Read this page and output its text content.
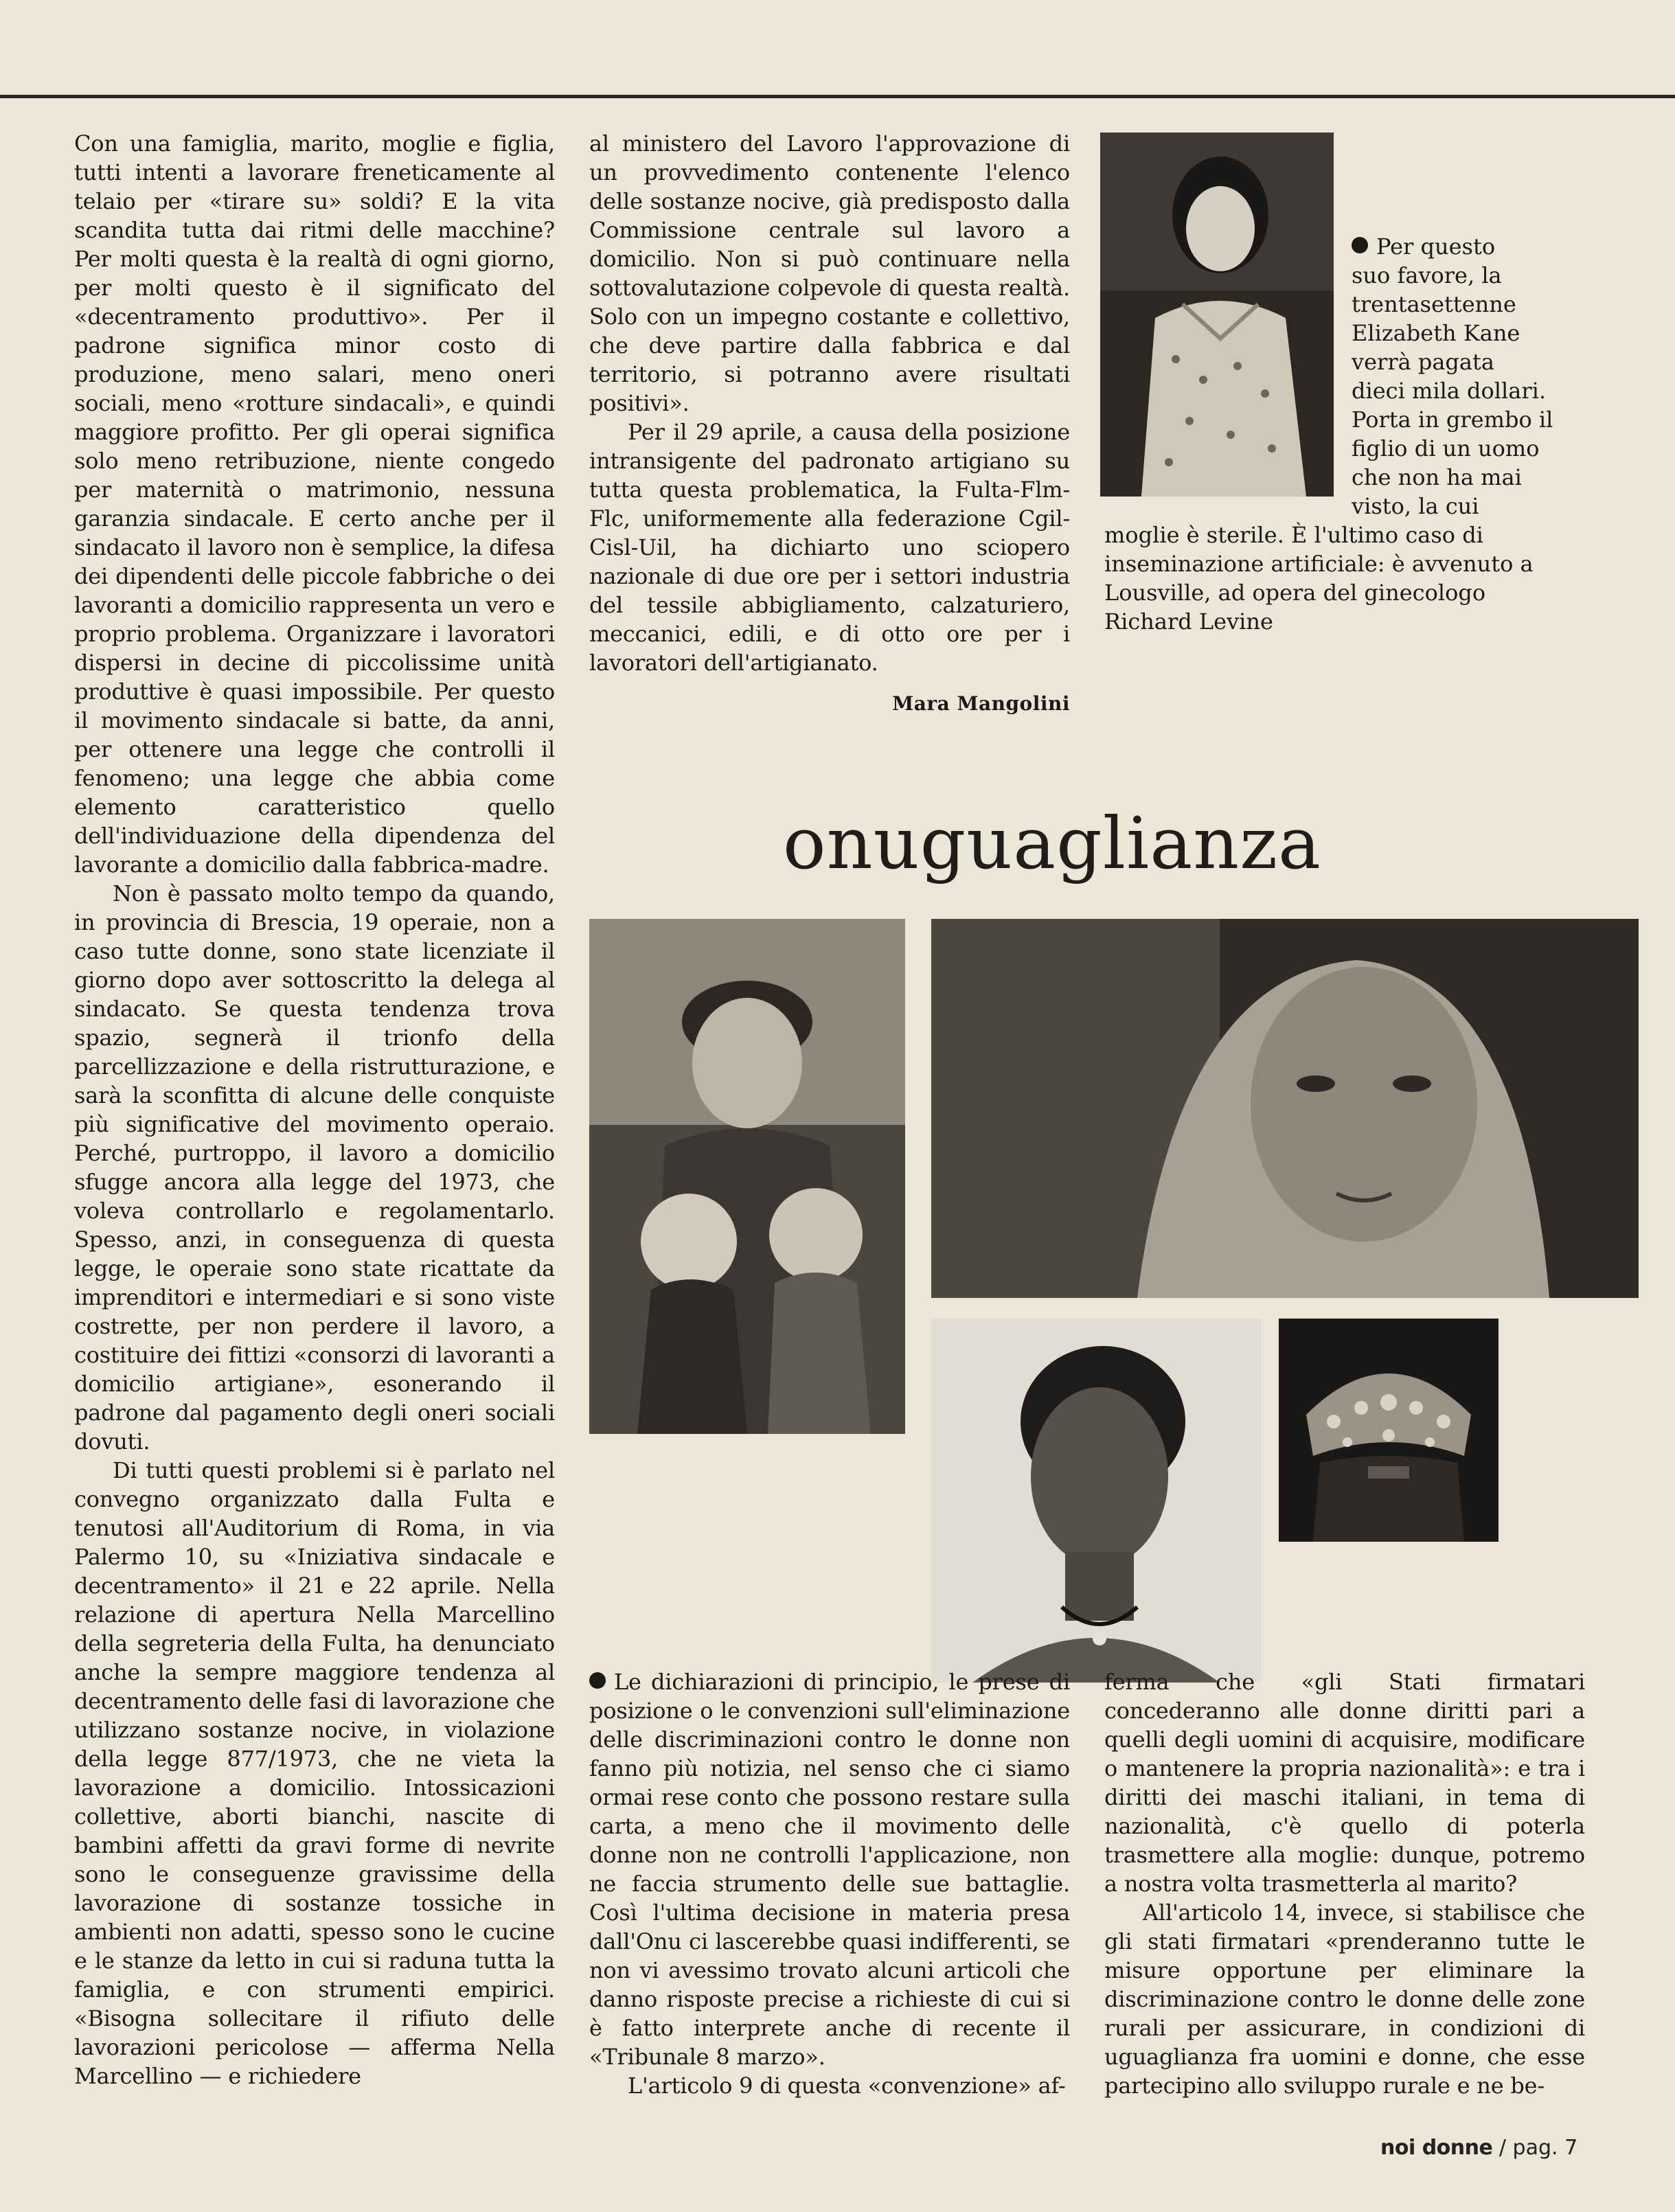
Con una famiglia, marito, moglie e figlia, tutti intenti a lavorare freneticamente al telaio per «tirare su» soldi? E la vita scandita tutta dai ritmi delle macchine? Per molti questa è la realtà di ogni giorno, per molti questo è il significato del «decentramento produttivo». Per il padrone significa minor costo di produzione, meno salari, meno oneri sociali, meno «rotture sindacali», e quindi maggiore profitto. Per gli operai significa solo meno retribuzione, niente congedo per maternità o matrimonio, nessuna garanzia sindacale. E certo anche per il sindacato il lavoro non è semplice, la difesa dei dipendenti delle piccole fabbriche o dei lavoranti a domicilio rappresenta un vero e proprio problema. Organizzare i lavoratori dispersi in decine di piccolissime unità produttive è quasi impossibile. Per questo il movimento sindacale si batte, da anni, per ottenere una legge che controlli il fenomeno; una legge che abbia come elemento caratteristico quello dell'individuazione della dipendenza del lavorante a domicilio dalla fabbrica-madre.

Non è passato molto tempo da quando, in provincia di Brescia, 19 operaie, non a caso tutte donne, sono state licenziate il giorno dopo aver sottoscritto la delega al sindacato. Se questa tendenza trova spazio, segnerà il trionfo della parcellizzazione e della ristrutturazione, e sarà la sconfitta di alcune delle conquiste più significative del movimento operaio. Perché, purtroppo, il lavoro a domicilio sfugge ancora alla legge del 1973, che voleva controllarlo e regolamentarlo. Spesso, anzi, in conseguenza di questa legge, le operaie sono state ricattate da imprenditori e intermediari e si sono viste costrette, per non perdere il lavoro, a costituire dei fittizi «consorzi di lavoranti a domicilio artigiane», esonerando il padrone dal pagamento degli oneri sociali dovuti.

Di tutti questi problemi si è parlato nel convegno organizzato dalla Fulta e tenutosi all'Auditorium di Roma, in via Palermo 10, su «Iniziativa sindacale e decentramento» il 21 e 22 aprile. Nella relazione di apertura Nella Marcellino della segreteria della Fulta, ha denunciato anche la sempre maggiore tendenza al decentramento delle fasi di lavorazione che utilizzano sostanze nocive, in violazione della legge 877/1973, che ne vieta la lavorazione a domicilio. Intossicazioni collettive, aborti bianchi, nascite di bambini affetti da gravi forme di nevrite sono le conseguenze gravissime della lavorazione di sostanze tossiche in ambienti non adatti, spesso sono le cucine e le stanze da letto in cui si raduna tutta la famiglia, e con strumenti empirici. «Bisogna sollecitare il rifiuto delle lavorazioni pericolose — afferma Nella Marcellino — e richiedere

al ministero del Lavoro l'approvazione di un provvedimento contenente l'elenco delle sostanze nocive, già predisposto dalla Commissione centrale sul lavoro a domicilio. Non si può continuare nella sottovalutazione colpevole di questa realtà. Solo con un impegno costante e collettivo, che deve partire dalla fabbrica e dal territorio, si potranno avere risultati positivi».

Per il 29 aprile, a causa della posizione intransigente del padronato artigiano su tutta questa problematica, la Fulta-Flm-Flc, uniformemente alla federazione Cgil-Cisl-Uil, ha dichiarto uno sciopero nazionale di due ore per i settori industria del tessile abbigliamento, calzaturiero, meccanici, edili, e di otto ore per i lavoratori dell'artigianato.

Mara Mangolini
Per questo
suo favore, la
trentasettenne
Elizabeth Kane
verrà pagata
dieci mila dollari.
Porta in grembo il
figlio di un uomo
che non ha mai
visto, la cui
moglie è sterile. È l'ultimo caso di
inseminazione artificiale: è avvenuto a
Lousville, ad opera del ginecologo
Richard Levine
onuguaglianza

Le dichiarazioni di principio, le prese di posizione o le convenzioni sull'eliminazione delle discriminazioni contro le donne non fanno più notizia, nel senso che ci siamo ormai rese conto che possono restare sulla carta, a meno che il movimento delle donne non ne controlli l'applicazione, non ne faccia strumento delle sue battaglie. Così l'ultima decisione in materia presa dall'Onu ci lascerebbe quasi indifferenti, se non vi avessimo trovato alcuni articoli che danno risposte precise a richieste di cui si è fatto interprete anche di recente il «Tribunale 8 marzo».

L'articolo 9 di questa «convenzione» af-

ferma che «gli Stati firmatari concederanno alle donne diritti pari a quelli degli uomini di acquisire, modificare o mantenere la propria nazionalità»: e tra i diritti dei maschi italiani, in tema di nazionalità, c'è quello di poterla trasmettere alla moglie: dunque, potremo a nostra volta trasmetterla al marito?

All'articolo 14, invece, si stabilisce che gli stati firmatari «prenderanno tutte le misure opportune per eliminare la discriminazione contro le donne delle zone rurali per assicurare, in condizioni di uguaglianza fra uomini e donne, che esse partecipino allo sviluppo rurale e ne be-

noi donne / pag. 7
